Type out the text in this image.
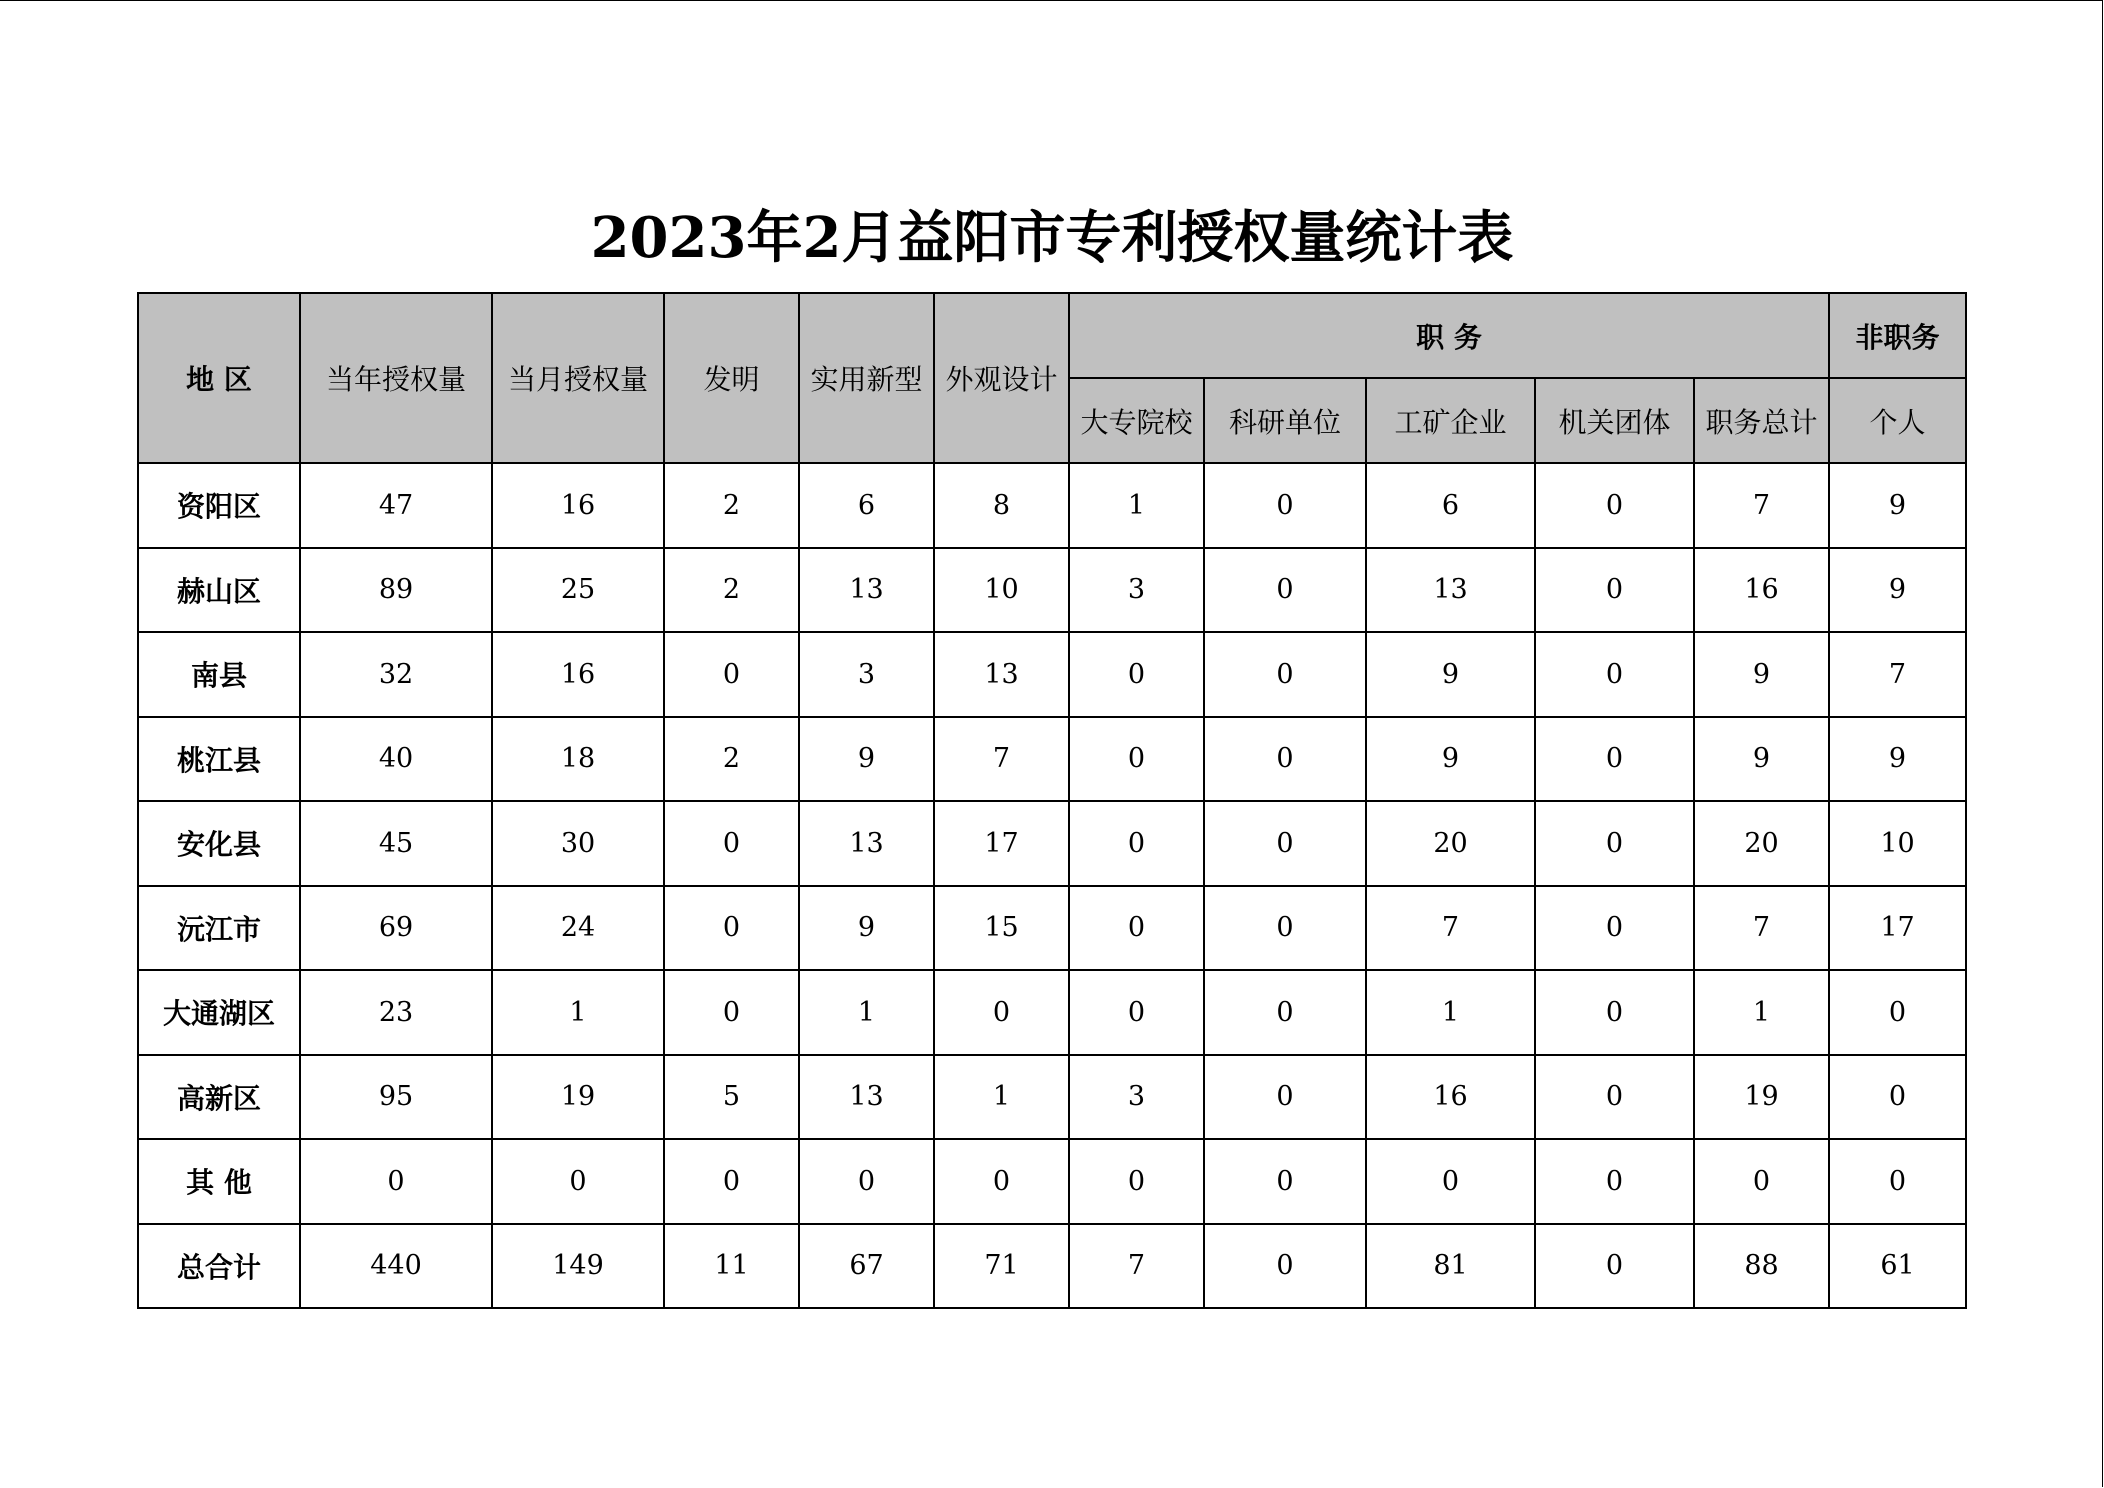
2023年2月益阳市专利授权量统计表
地 区	当年授权量	当月授权量	发明	实用新型	外观设计	职 务					非职务
						大专院校	科研单位	工矿企业	机关团体	职务总计	个人
资阳区	47	16	2	6	8	1	0	6	0	7	9
赫山区	89	25	2	13	10	3	0	13	0	16	9
南县	32	16	0	3	13	0	0	9	0	9	7
桃江县	40	18	2	9	7	0	0	9	0	9	9
安化县	45	30	0	13	17	0	0	20	0	20	10
沅江市	69	24	0	9	15	0	0	7	0	7	17
大通湖区	23	1	0	1	0	0	0	1	0	1	0
高新区	95	19	5	13	1	3	0	16	0	19	0
其 他	0	0	0	0	0	0	0	0	0	0	0
总合计	440	149	11	67	71	7	0	81	0	88	61
